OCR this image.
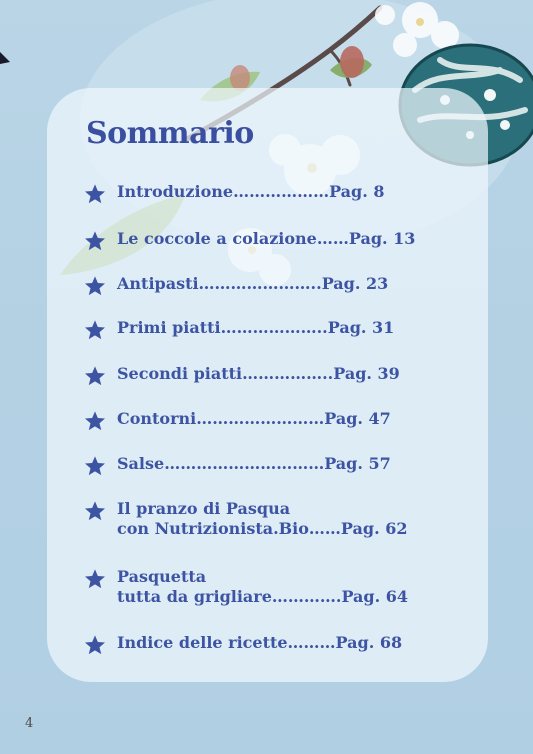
Sommario
Introduzione………………Pag. 8
Le coccole a colazione……Pag. 13
Antipasti…………………..Pag. 23
Primi piatti………………..Pag. 31
Secondi piatti……………..Pag. 39
Contorni……………………Pag. 47
Salse…………………………Pag. 57
Il pranzo di Pasqua
con Nutrizionista.Bio……Pag. 62
Pasquetta
tutta da grigliare………….Pag. 64
Indice delle ricette………Pag. 68
4
